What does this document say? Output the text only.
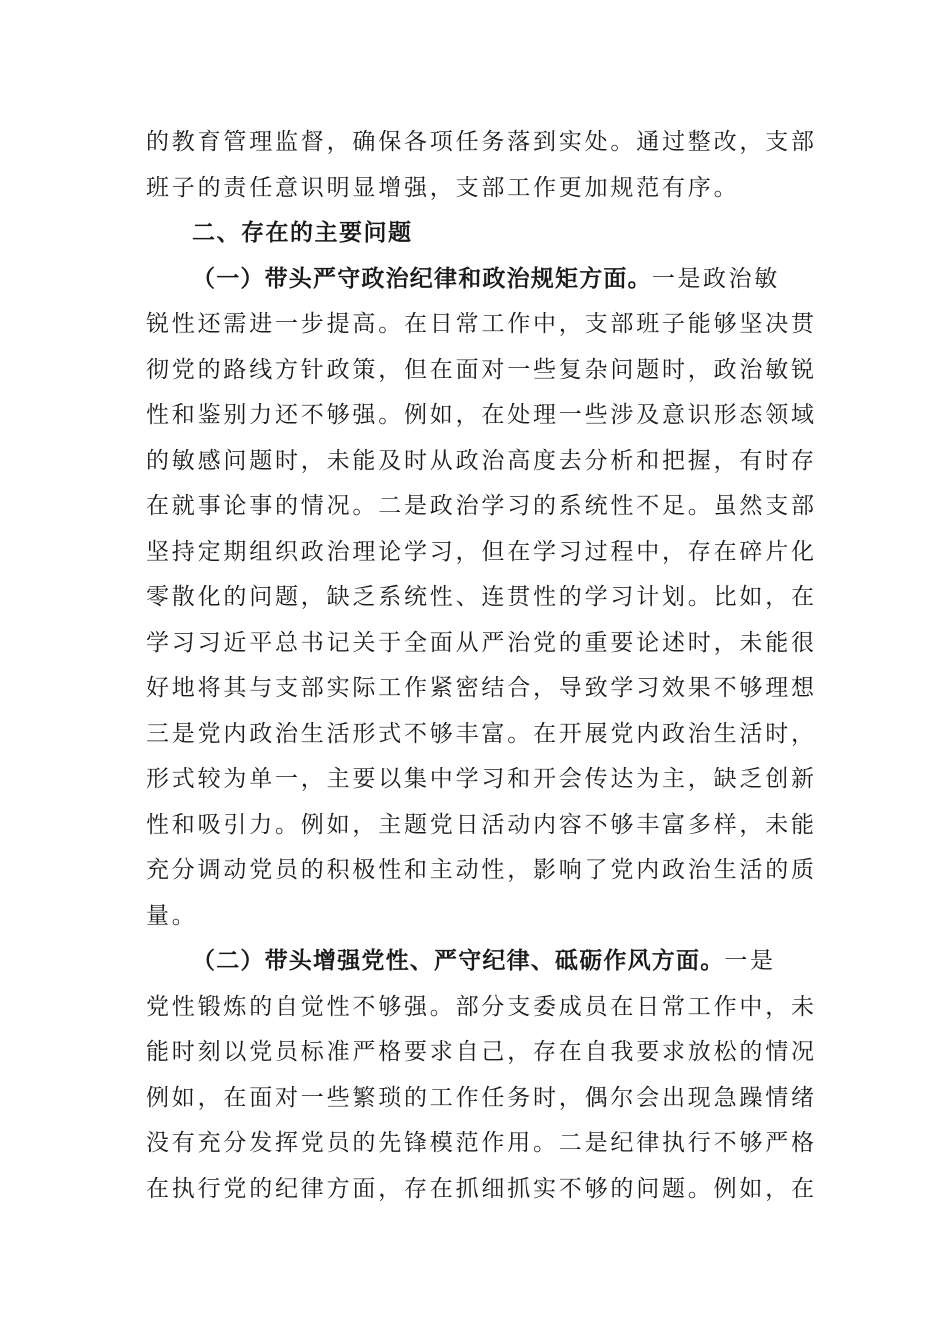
的教育管理监督，确保各项任务落到实处。通过整改，支部
班子的责任意识明显增强，支部工作更加规范有序。
二、存在的主要问题
（一）带头严守政治纪律和政治规矩方面。一是政治敏
锐性还需进一步提高。在日常工作中，支部班子能够坚决贯
彻党的路线方针政策，但在面对一些复杂问题时，政治敏锐
性和鉴别力还不够强。例如，在处理一些涉及意识形态领域
的敏感问题时，未能及时从政治高度去分析和把握，有时存
在就事论事的情况。二是政治学习的系统性不足。虽然支部
坚持定期组织政治理论学习，但在学习过程中，存在碎片化
零散化的问题，缺乏系统性、连贯性的学习计划。比如，在
学习习近平总书记关于全面从严治党的重要论述时，未能很
好地将其与支部实际工作紧密结合，导致学习效果不够理想
三是党内政治生活形式不够丰富。在开展党内政治生活时，
形式较为单一，主要以集中学习和开会传达为主，缺乏创新
性和吸引力。例如，主题党日活动内容不够丰富多样，未能
充分调动党员的积极性和主动性，影响了党内政治生活的质
量。
（二）带头增强党性、严守纪律、砥砺作风方面。一是
党性锻炼的自觉性不够强。部分支委成员在日常工作中，未
能时刻以党员标准严格要求自己，存在自我要求放松的情况
例如，在面对一些繁琐的工作任务时，偶尔会出现急躁情绪
没有充分发挥党员的先锋模范作用。二是纪律执行不够严格
在执行党的纪律方面，存在抓细抓实不够的问题。例如，在
